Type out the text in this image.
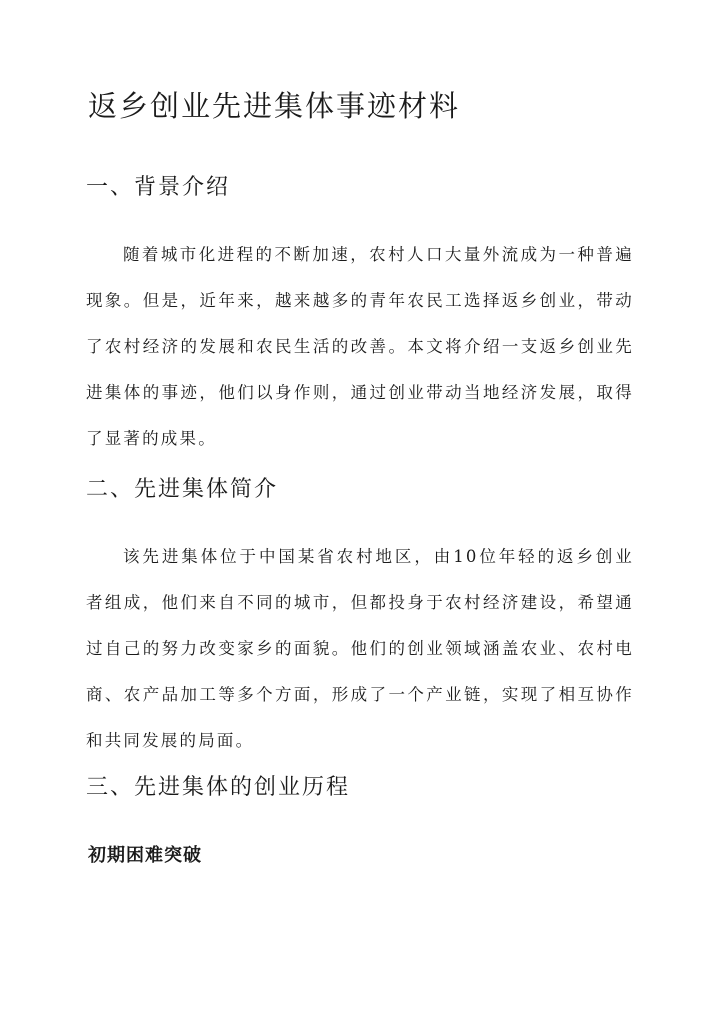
返乡创业先进集体事迹材料
一、背景介绍

随着城市化进程的不断加速，农村人口大量外流成为一种普遍现象。但是，近年来，越来越多的青年农民工选择返乡创业，带动了农村经济的发展和农民生活的改善。本文将介绍一支返乡创业先进集体的事迹，他们以身作则，通过创业带动当地经济发展，取得了显著的成果。

二、先进集体简介

该先进集体位于中国某省农村地区，由10位年轻的返乡创业者组成，他们来自不同的城市，但都投身于农村经济建设，希望通过自己的努力改变家乡的面貌。他们的创业领域涵盖农业、农村电商、农产品加工等多个方面，形成了一个产业链，实现了相互协作和共同发展的局面。

三、先进集体的创业历程
初期困难突破
